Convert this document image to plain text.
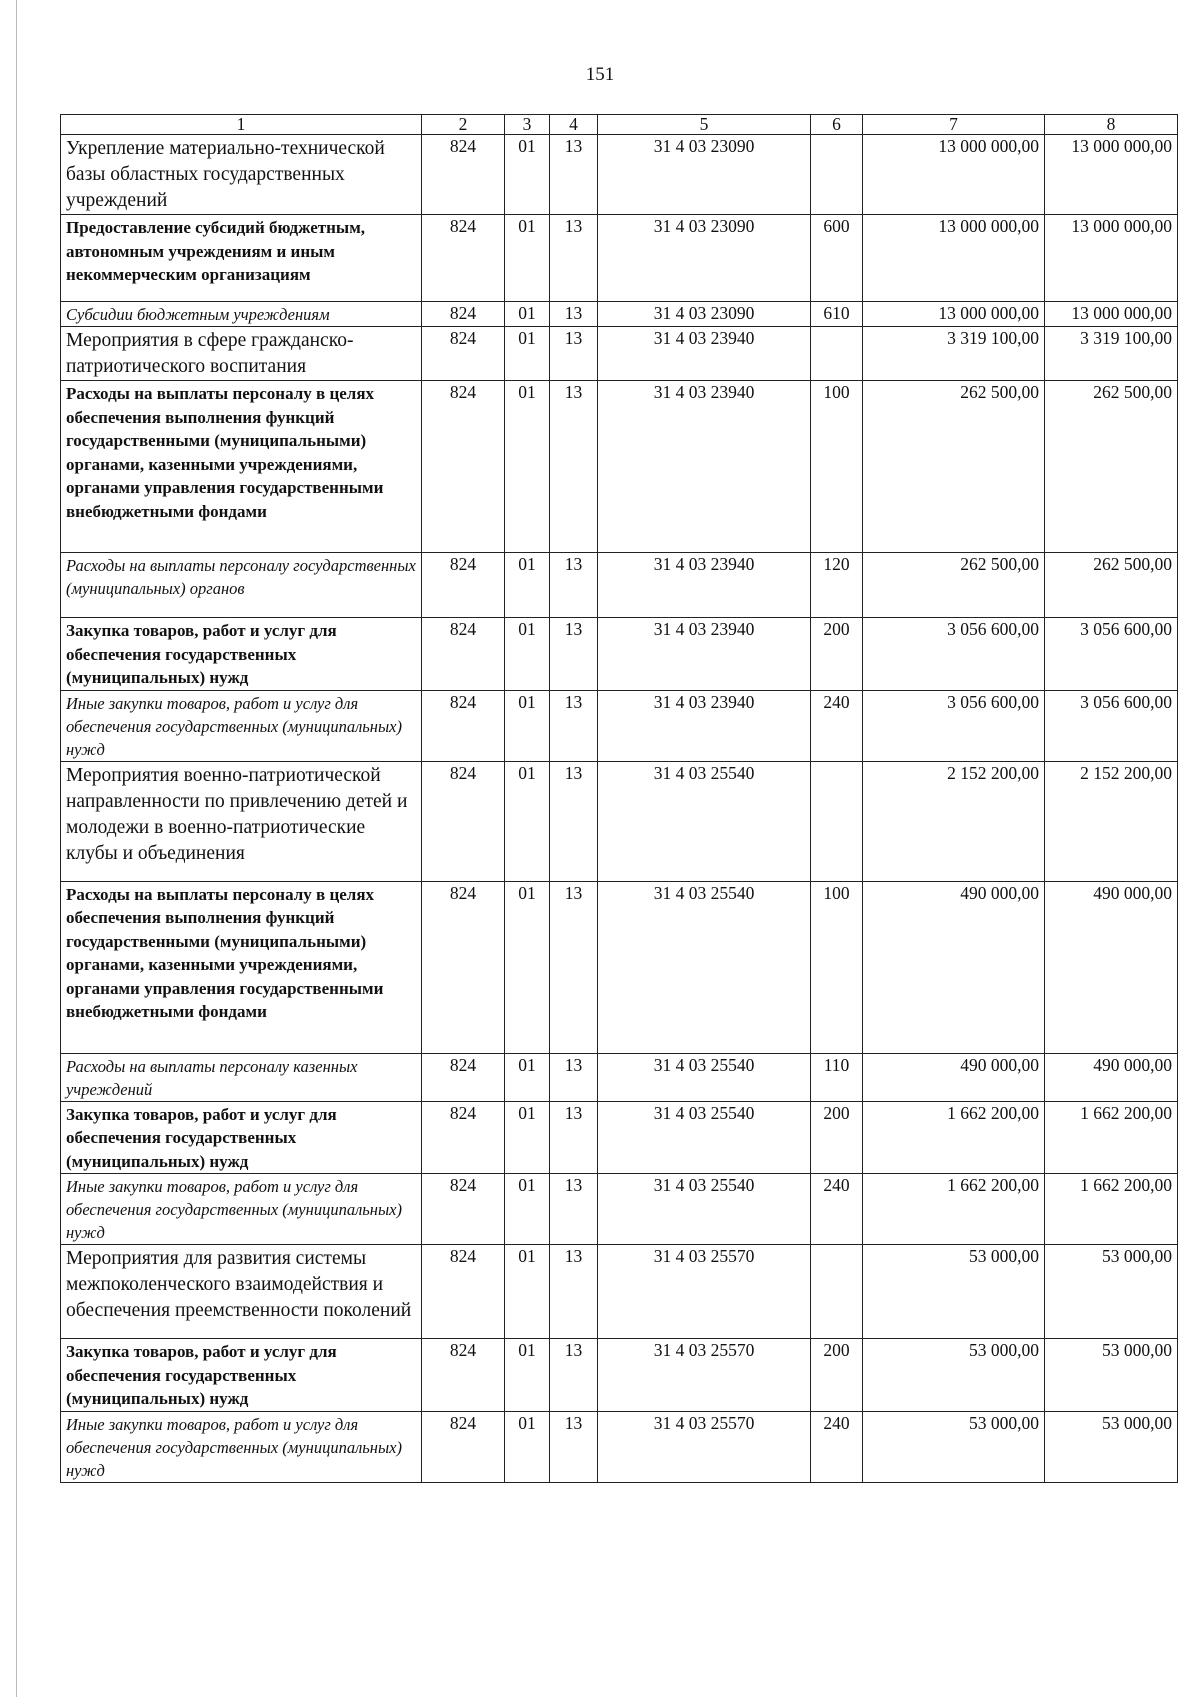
151
1	2	3	4	5	6	7	8
Укрепление материально-технической базы областных государственных учреждений	824	01	13	31 4 03 23090		13 000 000,00	13 000 000,00
Предоставление субсидий бюджетным, автономным учреждениям и иным некоммерческим организациям	824	01	13	31 4 03 23090	600	13 000 000,00	13 000 000,00
Субсидии бюджетным учреждениям	824	01	13	31 4 03 23090	610	13 000 000,00	13 000 000,00
Мероприятия в сфере гражданско-патриотического воспитания	824	01	13	31 4 03 23940		3 319 100,00	3 319 100,00
Расходы на выплаты персоналу в целях обеспечения выполнения функций государственными (муниципальными) органами, казенными учреждениями, органами управления государственными внебюджетными фондами	824	01	13	31 4 03 23940	100	262 500,00	262 500,00
Расходы на выплаты персоналу государственных (муниципальных) органов	824	01	13	31 4 03 23940	120	262 500,00	262 500,00
Закупка товаров, работ и услуг для обеспечения государственных (муниципальных) нужд	824	01	13	31 4 03 23940	200	3 056 600,00	3 056 600,00
Иные закупки товаров, работ и услуг для обеспечения государственных (муниципальных) нужд	824	01	13	31 4 03 23940	240	3 056 600,00	3 056 600,00
Мероприятия военно-патриотической направленности по привлечению детей и молодежи в военно-патриотические клубы и объединения	824	01	13	31 4 03 25540		2 152 200,00	2 152 200,00
Расходы на выплаты персоналу в целях обеспечения выполнения функций государственными (муниципальными) органами, казенными учреждениями, органами управления государственными внебюджетными фондами	824	01	13	31 4 03 25540	100	490 000,00	490 000,00
Расходы на выплаты персоналу казенных учреждений	824	01	13	31 4 03 25540	110	490 000,00	490 000,00
Закупка товаров, работ и услуг для обеспечения государственных (муниципальных) нужд	824	01	13	31 4 03 25540	200	1 662 200,00	1 662 200,00
Иные закупки товаров, работ и услуг для обеспечения государственных (муниципальных) нужд	824	01	13	31 4 03 25540	240	1 662 200,00	1 662 200,00
Мероприятия для развития системы межпоколенческого взаимодействия и обеспечения преемственности поколений	824	01	13	31 4 03 25570		53 000,00	53 000,00
Закупка товаров, работ и услуг для обеспечения государственных (муниципальных) нужд	824	01	13	31 4 03 25570	200	53 000,00	53 000,00
Иные закупки товаров, работ и услуг для обеспечения государственных (муниципальных) нужд	824	01	13	31 4 03 25570	240	53 000,00	53 000,00
